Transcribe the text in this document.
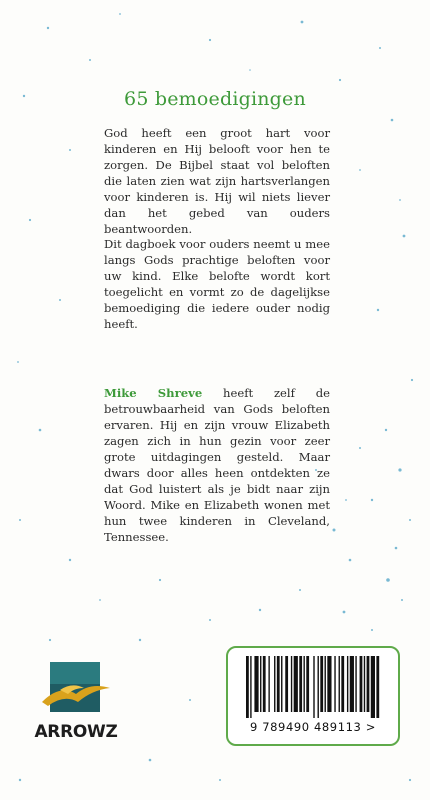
65 bemoedigingen

God heeft een groot hart voor kinderen en Hij belooft voor hen te zorgen. De Bijbel staat vol beloften die laten zien wat zijn hartsverlangen voor kinderen is. Hij wil niets liever dan het gebed van ouders beantwoorden.

Dit dagboek voor ouders neemt u mee langs Gods prachtige beloften voor uw kind. Elke belofte wordt kort toegelicht en vormt zo de dagelijkse bemoediging die iedere ouder nodig heeft.

Mike Shreve heeft zelf de betrouwbaarheid van Gods beloften ervaren. Hij en zijn vrouw Elizabeth zagen zich in hun gezin voor zeer grote uitdagingen gesteld. Maar dwars door alles heen ontdekten ze dat God luistert als je bidt naar zijn Woord. Mike en Elizabeth wonen met hun twee kinderen in Cleveland, Tennessee.

ARROWZ	9 789490 489113 >
